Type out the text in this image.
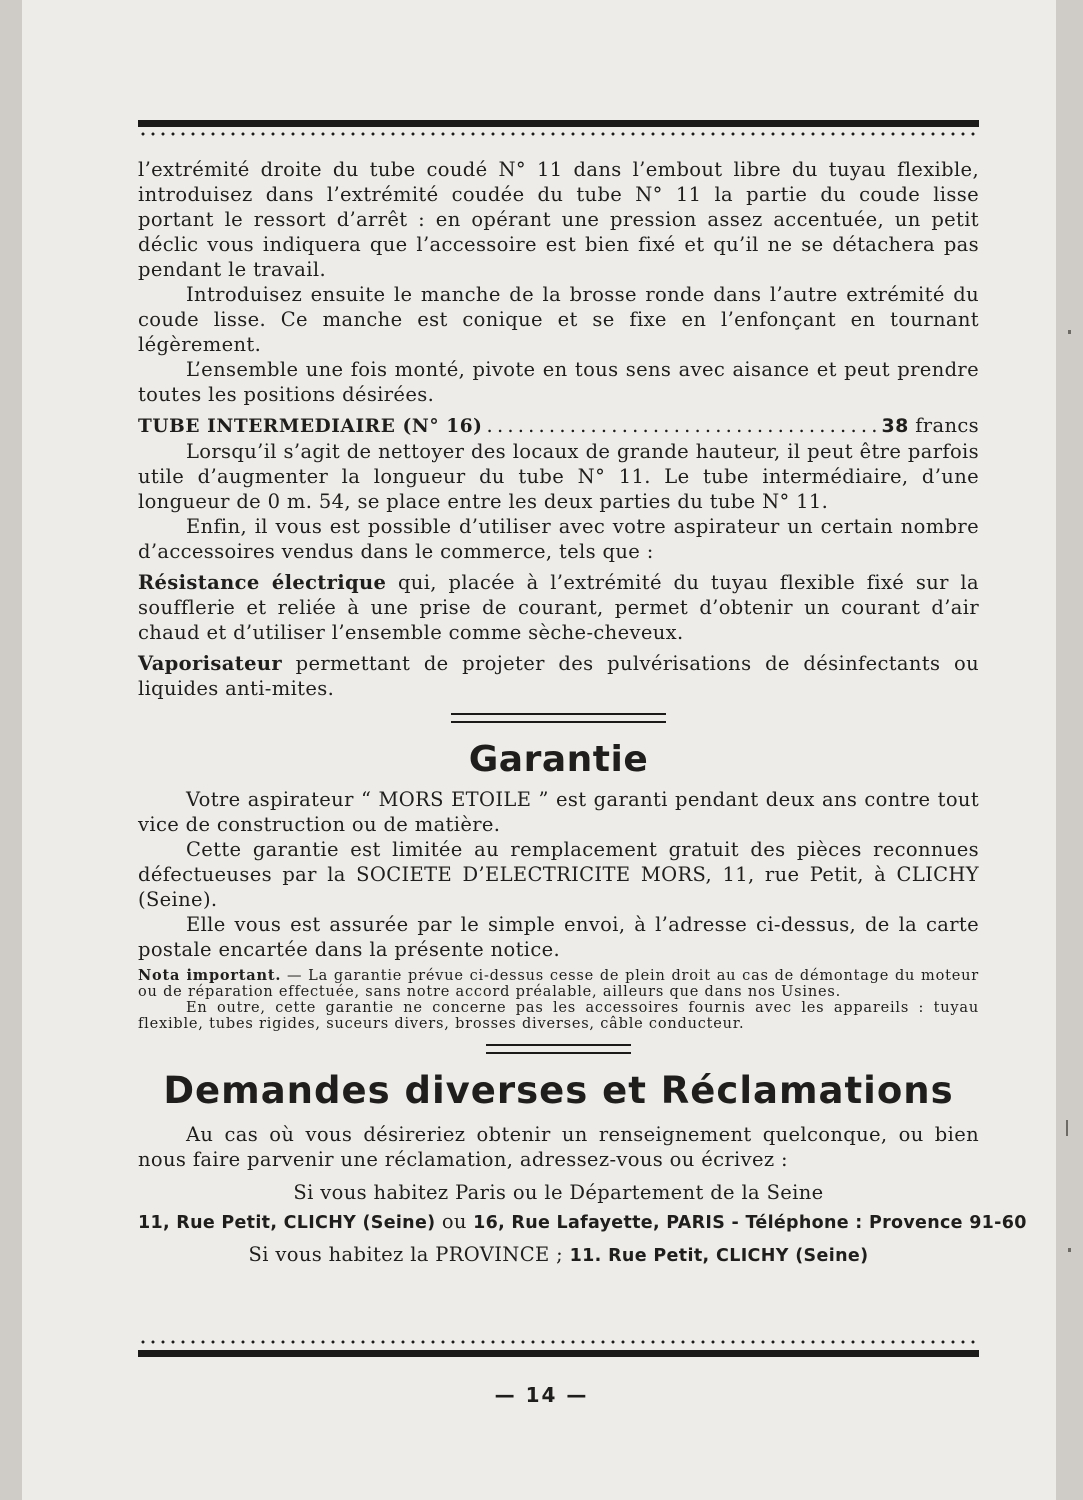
l’extrémité droite du tube coudé N° 11 dans l’embout libre du tuyau flexible, introduisez dans l’extrémité coudée du tube N° 11 la partie du coude lisse portant le ressort d’arrêt : en opérant une pression assez accentuée, un petit déclic vous indiquera que l’accessoire est bien fixé et qu’il ne se détachera pas pendant le travail.

Introduisez ensuite le manche de la brosse ronde dans l’autre extrémité du coude lisse. Ce manche est conique et se fixe en l’enfonçant en tournant légèrement.

L’ensemble une fois monté, pivote en tous sens avec aisance et peut prendre toutes les positions désirées.

TUBE INTERMEDIAIRE (N° 16)
. . .	38 francs

Lorsqu’il s’agit de nettoyer des locaux de grande hauteur, il peut être parfois utile d’augmenter la longueur du tube N° 11. Le tube intermédiaire, d’une longueur de 0 m. 54, se place entre les deux parties du tube N° 11.

Enfin, il vous est possible d’utiliser avec votre aspirateur un certain nombre d’accessoires vendus dans le commerce, tels que :

Résistance électrique qui, placée à l’extrémité du tuyau flexible fixé sur la soufflerie et reliée à une prise de courant, permet d’obtenir un courant d’air chaud et d’utiliser l’ensemble comme sèche-cheveux.

Vaporisateur permettant de projeter des pulvérisations de désinfectants ou liquides anti-mites.

Garantie

Votre aspirateur “ MORS ETOILE ” est garanti pendant deux ans contre tout vice de construction ou de matière.

Cette garantie est limitée au remplacement gratuit des pièces reconnues défectueuses par la SOCIETE D’ELECTRICITE MORS, 11, rue Petit, à CLICHY (Seine).

Elle vous est assurée par le simple envoi, à l’adresse ci-dessus, de la carte postale encartée dans la présente notice.

Nota important. — La garantie prévue ci-dessus cesse de plein droit au cas de démontage du moteur ou de réparation effectuée, sans notre accord préalable, ailleurs que dans nos Usines.

En outre, cette garantie ne concerne pas les accessoires fournis avec les appareils : tuyau flexible, tubes rigides, suceurs divers, brosses diverses, câble conducteur.

Demandes diverses et Réclamations

Au cas où vous désireriez obtenir un renseignement quelconque, ou bien nous faire parvenir une réclamation, adressez-vous ou écrivez :

Si vous habitez Paris ou le Département de la Seine

11, Rue Petit, CLICHY (Seine) ou 16, Rue Lafayette, PARIS - Téléphone : Provence 91-60
Si vous habitez la PROVINCE ; 11. Rue Petit, CLICHY (Seine)
— 14 —
